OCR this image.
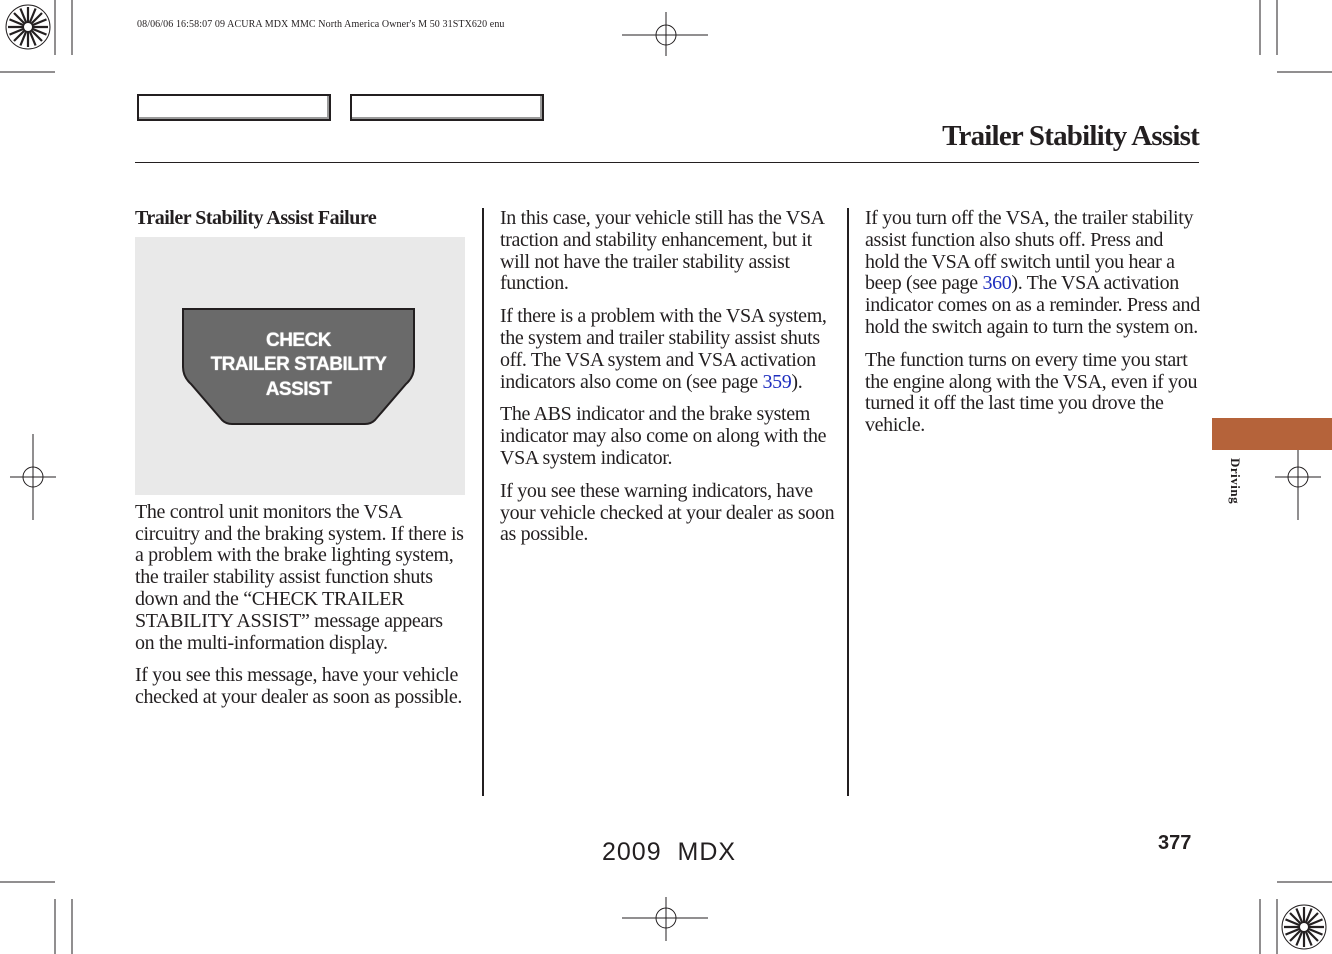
08/06/06 16:58:07 09 ACURA MDX MMC North America Owner's M 50 31STX620 enu
Trailer Stability Assist
Trailer Stability Assist Failure
CHECK
TRAILER STABILITY
ASSIST

The control unit monitors the VSA circuitry and the braking system. If there is a problem with the brake lighting system, the trailer stability assist function shuts down and the “CHECK TRAILER STABILITY ASSIST” message appears on the multi-information display.

If you see this message, have your vehicle checked at your dealer as soon as possible.

In this case, your vehicle still has the VSA traction and stability enhancement, but it will not have the trailer stability assist function.

If there is a problem with the VSA system, the system and trailer stability assist shuts off. The VSA system and VSA activation indicators also come on (see page 359).

The ABS indicator and the brake system indicator may also come on along with the VSA system indicator.

If you see these warning indicators, have your vehicle checked at your dealer as soon as possible.

If you turn off the VSA, the trailer stability assist function also shuts off. Press and hold the VSA off switch until you hear a beep (see page 360). The VSA activation indicator comes on as a reminder. Press and hold the switch again to turn the system on.

The function turns on every time you start the engine along with the VSA, even if you turned it off the last time you drove the vehicle.

Driving
377
2009  MDX
